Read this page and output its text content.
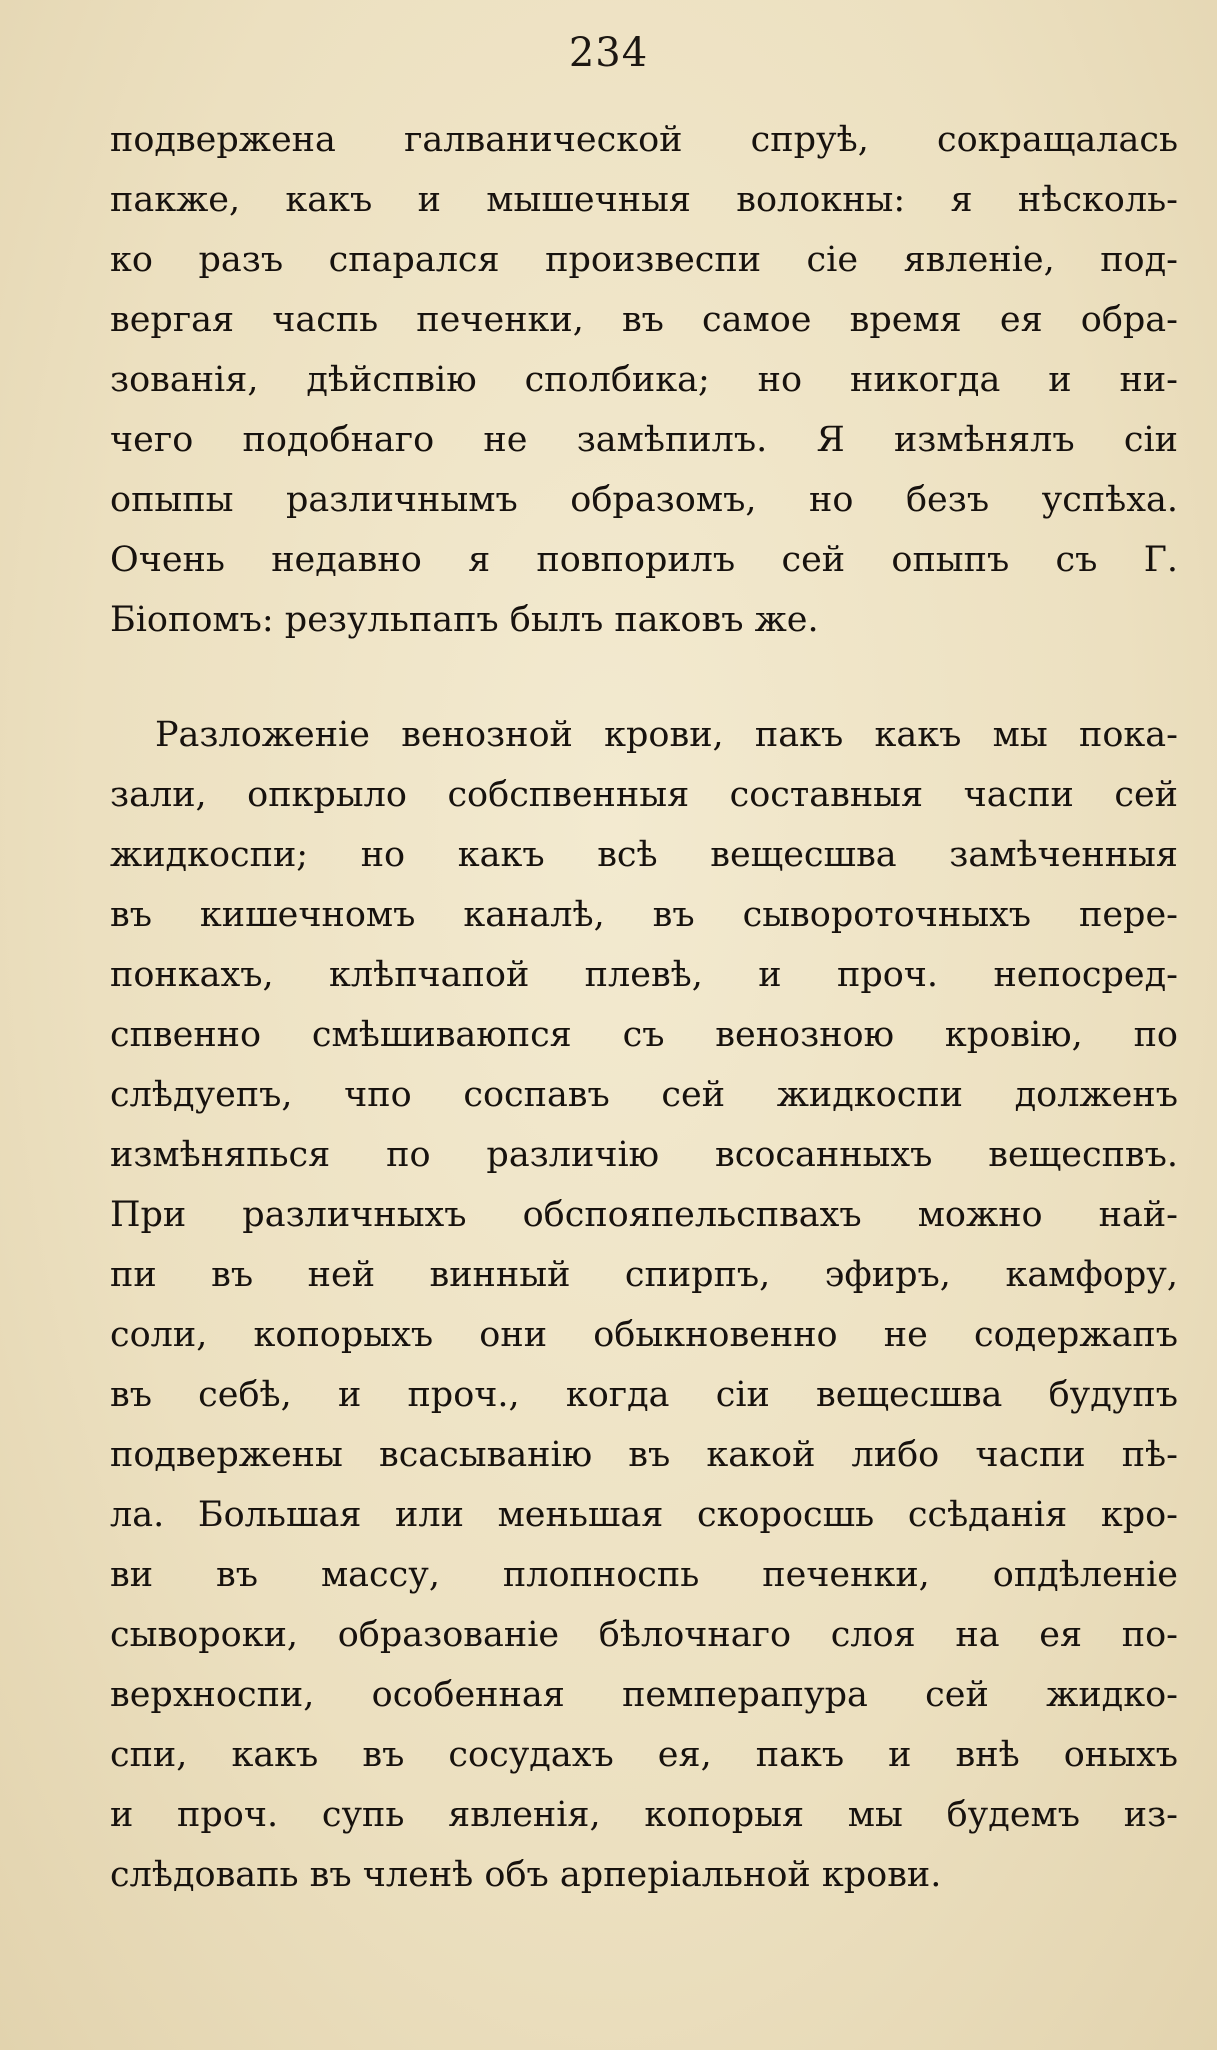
234
подвержена галванической спруѣ, сокращалась
пакже, какъ и мышечныя волокны: я нѣсколь-
ко разъ спарался произвеспи сіе явленіе, под-
вергая часпь печенки, въ самое время ея обра-
зованія, дѣйспвію сполбика; но никогда и ни-
чего подобнаго не замѣпилъ. Я измѣнялъ сіи
опыпы различнымъ образомъ, но безъ успѣха.
Очень недавно я повпорилъ сей опыпъ съ Г.
Біопомъ: резульпапъ былъ паковъ же.
Разложеніе венозной крови, пакъ какъ мы пока-
зали, опкрыло собспвенныя составныя часпи сей
жидкоспи; но какъ всѣ вещесшва замѣченныя
въ кишечномъ каналѣ, въ сывороточныхъ пере-
понкахъ, клѣпчапой плевѣ, и проч. непосред-
спвенно смѣшиваюпся съ венозною кровію, по
слѣдуепъ, чпо соспавъ сей жидкоспи долженъ
измѣняпься по различію всосанныхъ вещеспвъ.
При различныхъ обспояпельспвахъ можно най-
пи въ ней винный спирпъ, эфиръ, камфору,
соли, копорыхъ они обыкновенно не содержапъ
въ себѣ, и проч., когда сіи вещесшва будупъ
подвержены всасыванію въ какой либо часпи пѣ-
ла. Большая или меньшая скоросшь ссѣданія кро-
ви въ массу, плопноспь печенки, опдѣленіе
сывороки, образованіе бѣлочнаго слоя на ея по-
верхноспи, особенная пемперапура сей жидко-
спи, какъ въ сосудахъ ея, пакъ и внѣ оныхъ
и проч. супь явленія, копорыя мы будемъ из-
слѣдовапь въ членѣ объ арперіальной крови.
